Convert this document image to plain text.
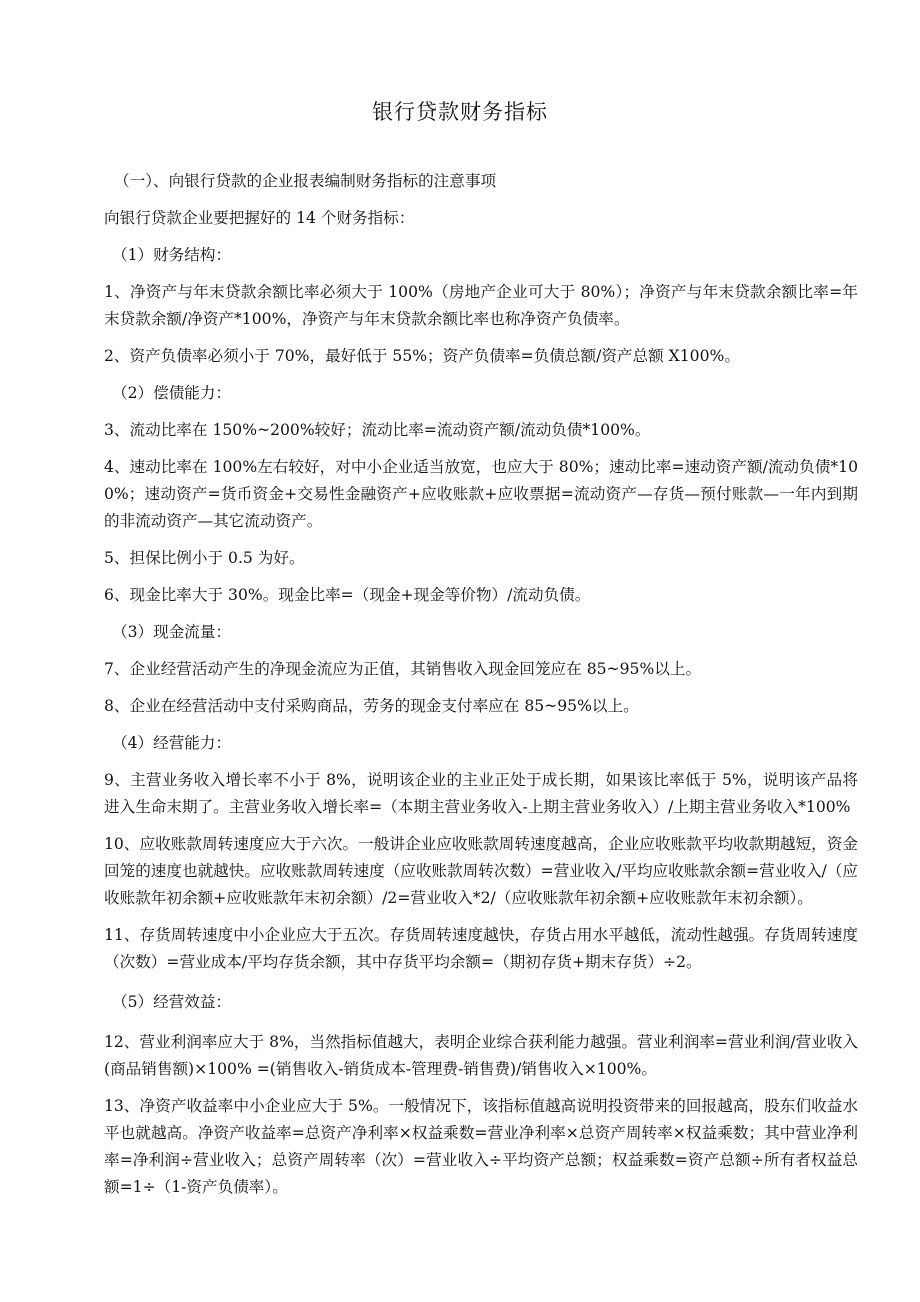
银行贷款财务指标

（一）、向银行贷款的企业报表编制财务指标的注意事项

向银行贷款企业要把握好的 14 个财务指标：

（1）财务结构：

1、净资产与年末贷款余额比率必须大于 100%（房地产企业可大于 80%）；净资产与年末贷款余额比率=年末贷款余额/净资产*100%，净资产与年末贷款余额比率也称净资产负债率。

2、资产负债率必须小于 70%，最好低于 55%；资产负债率=负债总额/资产总额 X100%。

（2）偿债能力：

3、流动比率在 150%~200%较好；流动比率=流动资产额/流动负债*100%。

4、速动比率在 100%左右较好，对中小企业适当放宽，也应大于 80%；速动比率=速动资产额/流动负债*100%；速动资产=货币资金+交易性金融资产+应收账款+应收票据=流动资产—存货—预付账款—一年内到期的非流动资产—其它流动资产。

5、担保比例小于 0.5 为好。

6、现金比率大于 30%。现金比率=（现金+现金等价物）/流动负债。

（3）现金流量：

7、企业经营活动产生的净现金流应为正值，其销售收入现金回笼应在 85~95%以上。

8、企业在经营活动中支付采购商品，劳务的现金支付率应在 85~95%以上。

（4）经营能力：

9、主营业务收入增长率不小于 8%，说明该企业的主业正处于成长期，如果该比率低于 5%，说明该产品将进入生命末期了。主营业务收入增长率=（本期主营业务收入-上期主营业务收入）/上期主营业务收入*100%

10、应收账款周转速度应大于六次。一般讲企业应收账款周转速度越高，企业应收账款平均收款期越短，资金回笼的速度也就越快。应收账款周转速度（应收账款周转次数）=营业收入/平均应收账款余额=营业收入/（应收账款年初余额+应收账款年末初余额）/2=营业收入*2/（应收账款年初余额+应收账款年末初余额）。

11、存货周转速度中小企业应大于五次。存货周转速度越快，存货占用水平越低，流动性越强。存货周转速度（次数）=营业成本/平均存货余额，其中存货平均余额=（期初存货+期末存货）÷2。

（5）经营效益：

12、营业利润率应大于 8%，当然指标值越大，表明企业综合获利能力越强。营业利润率=营业利润/营业收入(商品销售额)×100% =(销售收入-销货成本-管理费-销售费)/销售收入×100%。

13、净资产收益率中小企业应大于 5%。一般情况下，该指标值越高说明投资带来的回报越高，股东们收益水平也就越高。净资产收益率=总资产净利率×权益乘数=营业净利率×总资产周转率×权益乘数；其中营业净利率=净利润÷营业收入；总资产周转率（次）=营业收入÷平均资产总额；权益乘数=资产总额÷所有者权益总额=1÷（1-资产负债率）。
